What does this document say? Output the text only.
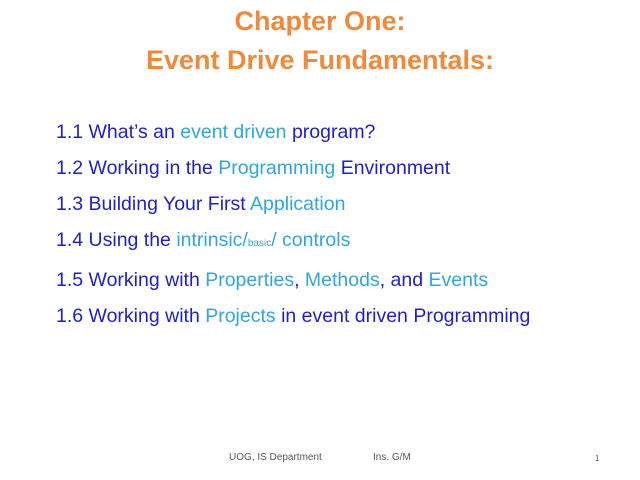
Chapter One:
Event Drive Fundamentals:
1.1 What’s an event driven program?
1.2 Working in the Programming Environment
1.3 Building Your First Application
1.4 Using the intrinsic/basic/ controls
1.5 Working with Properties, Methods, and Events
1.6 Working with Projects in event driven Programming
UOG, IS Department	Ins. G/M	1
